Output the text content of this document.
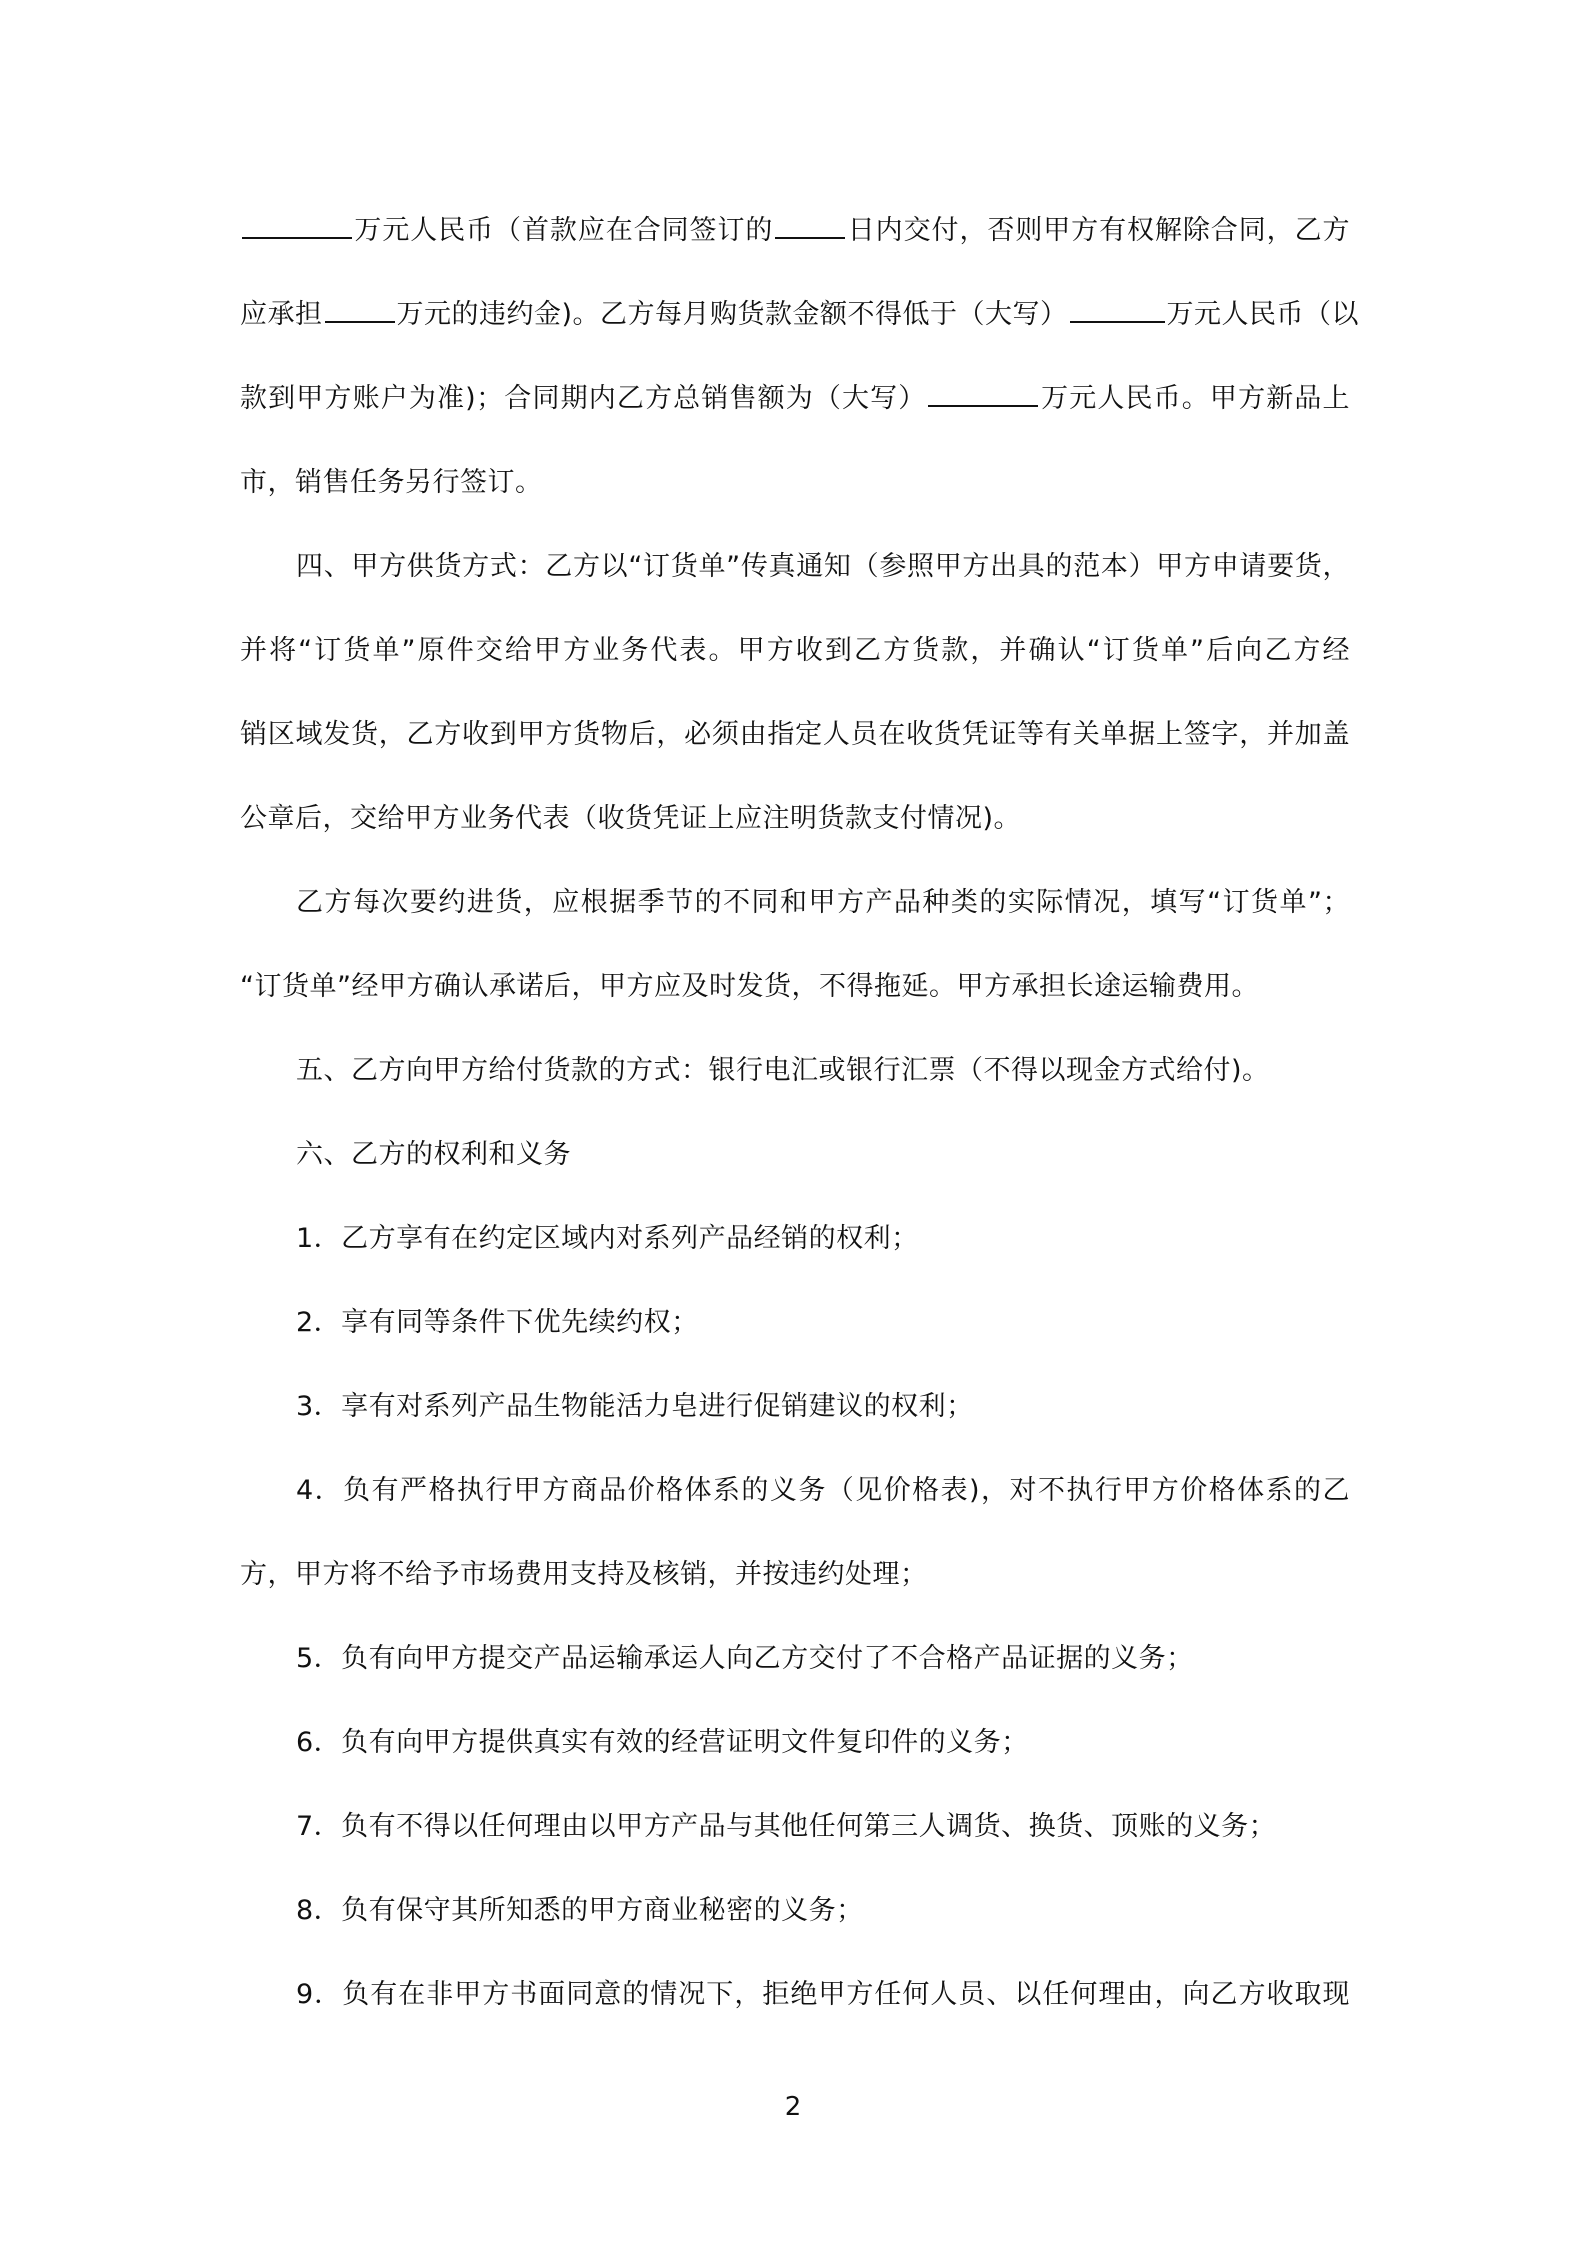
万元人民币（首款应在合同签订的	日内交付，否则甲方有权解除合同，乙方
应承担	万元的违约金)。乙方每月购货款金额不得低于（大写）	万元人民币（以
款到甲方账户为准)；合同期内乙方总销售额为（大写）	万元人民币。甲方新品上
市，销售任务另行签订。
四、甲方供货方式：乙方以“订货单”传真通知（参照甲方出具的范本）甲方申请要货，
并将“订货单”原件交给甲方业务代表。甲方收到乙方货款，并确认“订货单”后向乙方经
销区域发货，乙方收到甲方货物后，必须由指定人员在收货凭证等有关单据上签字，并加盖
公章后，交给甲方业务代表（收货凭证上应注明货款支付情况)。
乙方每次要约进货，应根据季节的不同和甲方产品种类的实际情况，填写“订货单”；
“订货单”经甲方确认承诺后，甲方应及时发货，不得拖延。甲方承担长途运输费用。
五、乙方向甲方给付货款的方式：银行电汇或银行汇票（不得以现金方式给付)。
六、乙方的权利和义务
1．乙方享有在约定区域内对系列产品经销的权利；
2．享有同等条件下优先续约权；
3．享有对系列产品生物能活力皂进行促销建议的权利；
4．负有严格执行甲方商品价格体系的义务（见价格表)，对不执行甲方价格体系的乙
方，甲方将不给予市场费用支持及核销，并按违约处理；
5．负有向甲方提交产品运输承运人向乙方交付了不合格产品证据的义务；
6．负有向甲方提供真实有效的经营证明文件复印件的义务；
7．负有不得以任何理由以甲方产品与其他任何第三人调货、换货、顶账的义务；
8．负有保守其所知悉的甲方商业秘密的义务；
9．负有在非甲方书面同意的情况下，拒绝甲方任何人员、以任何理由，向乙方收取现
2
